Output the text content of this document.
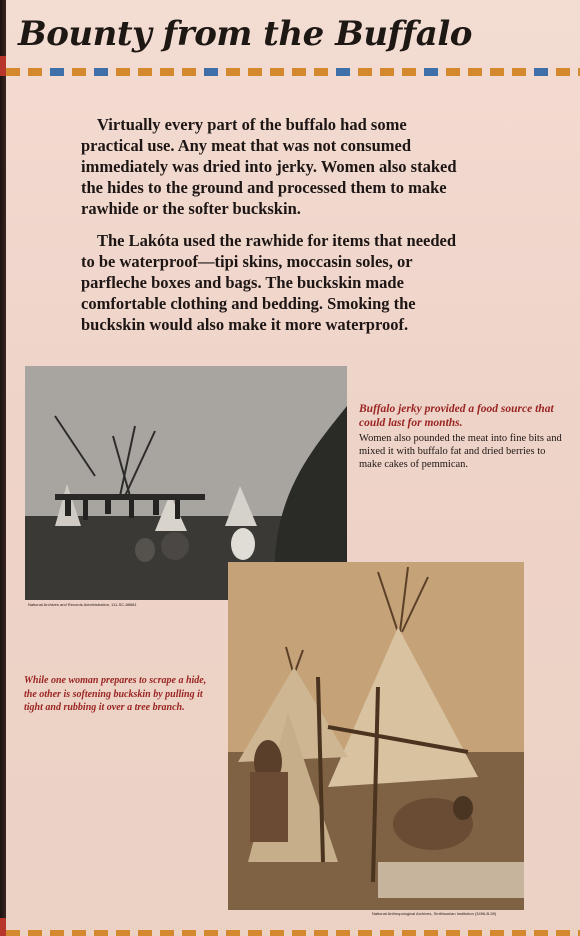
Bounty from the Buffalo

Virtually every part of the buffalo had some practical use. Any meat that was not consumed immediately was dried into jerky. Women also staked the hides to the ground and processed them to make rawhide or the softer buckskin.

The Lakóta used the rawhide for items that needed to be waterproof—tipi skins, moccasin soles, or parfleche boxes and bags. The buckskin made comfortable clothing and bedding. Smoking the buckskin would also make it more waterproof.

National Archives and Records Administration, 111-SC-88681

Buffalo jerky provided a food source that could last for months.

Women also pounded the meat into fine bits and mixed it with buffalo fat and dried berries to make cakes of pemmican.

National Anthropological Archives, Smithsonian Institution (3496-B-59)

While one woman prepares to scrape a hide, the other is softening buckskin by pulling it tight and rubbing it over a tree branch.
